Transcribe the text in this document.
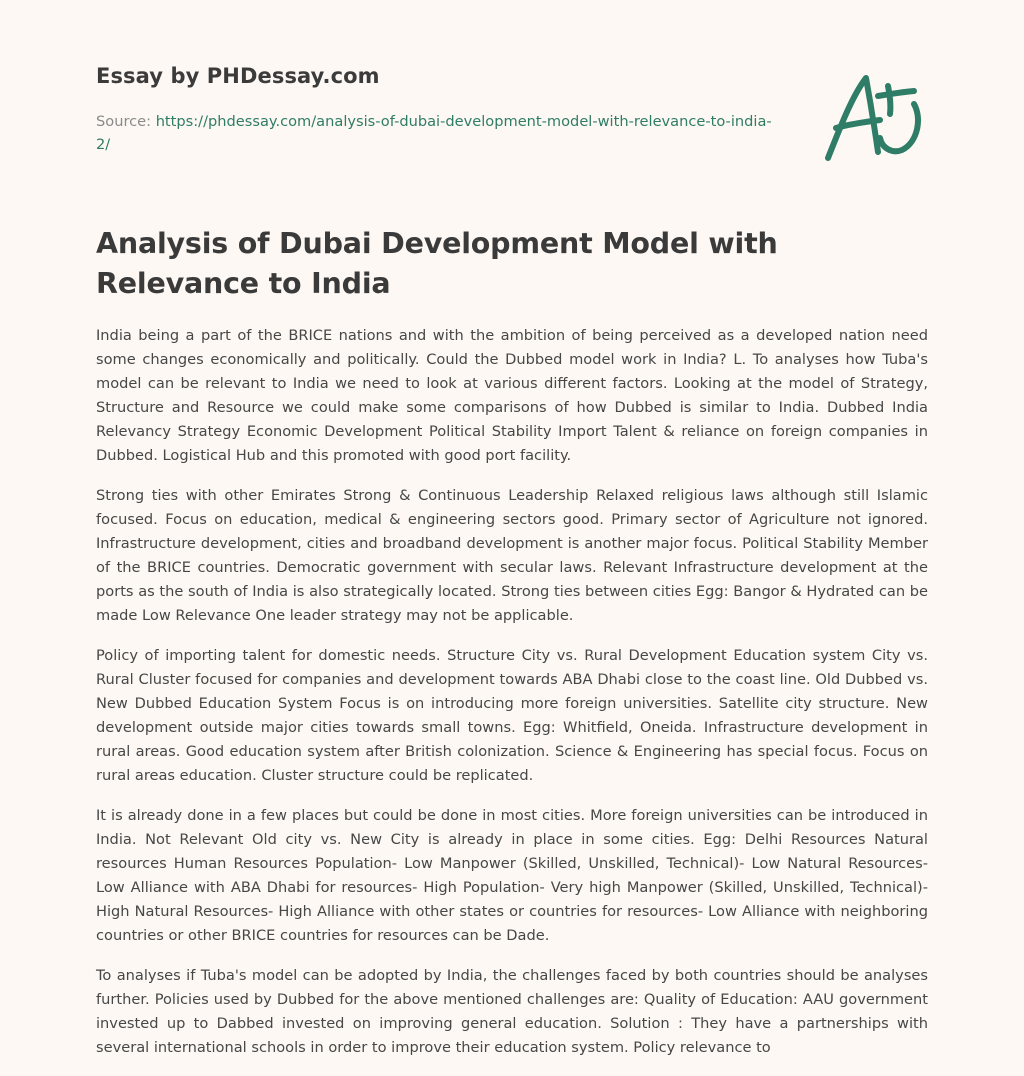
Essay by PHDessay.com
Source: https://phdessay.com/analysis-of-dubai-development-model-with-relevance-to-india-2/
Analysis of Dubai Development Model with Relevance to India

India being a part of the BRICE nations and with the ambition of being perceived as a developed nation need some changes economically and politically. Could the Dubbed model work in India? L. To analyses how Tuba's model can be relevant to India we need to look at various different factors. Looking at the model of Strategy, Structure and Resource we could make some comparisons of how Dubbed is similar to India. Dubbed India Relevancy Strategy Economic Development Political Stability Import Talent & reliance on foreign companies in Dubbed. Logistical Hub and this promoted with good port facility.

Strong ties with other Emirates Strong & Continuous Leadership Relaxed religious laws although still Islamic focused. Focus on education, medical & engineering sectors good. Primary sector of Agriculture not ignored. Infrastructure development, cities and broadband development is another major focus. Political Stability Member of the BRICE countries. Democratic government with secular laws. Relevant Infrastructure development at the ports as the south of India is also strategically located. Strong ties between cities Egg: Bangor & Hydrated can be made Low Relevance One leader strategy may not be applicable.

Policy of importing talent for domestic needs. Structure City vs. Rural Development Education system City vs. Rural Cluster focused for companies and development towards ABA Dhabi close to the coast line. Old Dubbed vs. New Dubbed Education System Focus is on introducing more foreign universities. Satellite city structure. New development outside major cities towards small towns. Egg: Whitfield, Oneida. Infrastructure development in rural areas. Good education system after British colonization. Science & Engineering has special focus. Focus on rural areas education. Cluster structure could be replicated.

It is already done in a few places but could be done in most cities. More foreign universities can be introduced in India. Not Relevant Old city vs. New City is already in place in some cities. Egg: Delhi Resources Natural resources Human Resources Population- Low Manpower (Skilled, Unskilled, Technical)- Low Natural Resources- Low Alliance with ABA Dhabi for resources- High Population- Very high Manpower (Skilled, Unskilled, Technical)- High Natural Resources- High Alliance with other states or countries for resources- Low Alliance with neighboring countries or other BRICE countries for resources can be Dade.

To analyses if Tuba's model can be adopted by India, the challenges faced by both countries should be analyses further. Policies used by Dubbed for the above mentioned challenges are: Quality of Education: AAU government invested up to Dabbed invested on improving general education. Solution : They have a partnerships with several international schools in order to improve their education system. Policy relevance to
